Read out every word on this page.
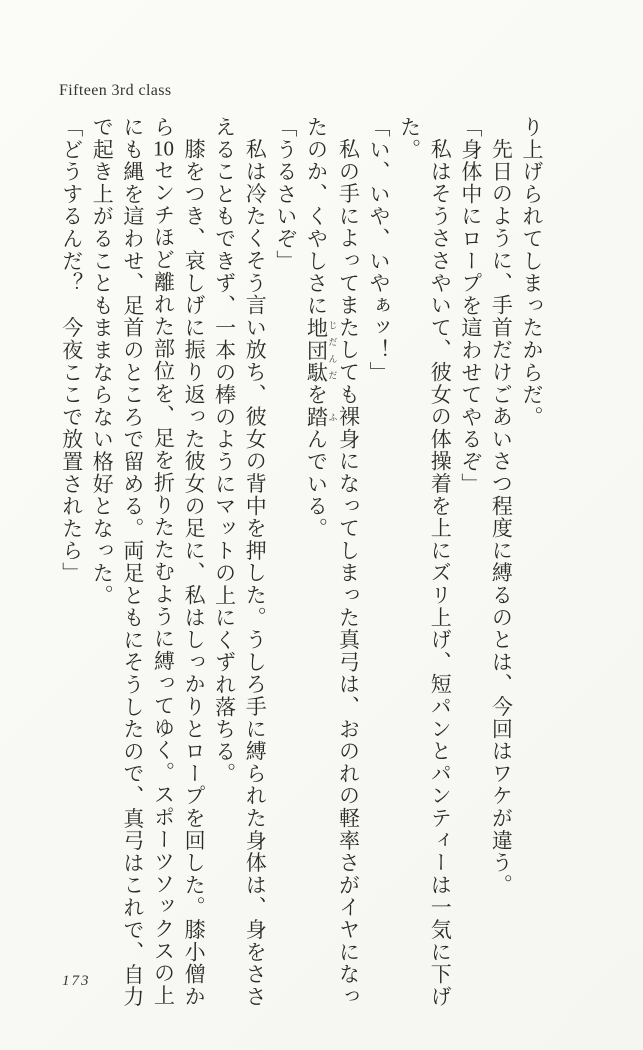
Fifteen 3rd class

り上げられてしまったからだ。

先日のように、手首だけごあいさつ程度に縛るのとは、今回はワケが違う。

「身体中にロープを這わせてやるぞ」

私はそうささやいて、彼女の体操着を上にズリ上げ、短パンとパンティーは一気に下げた。

「い、いや、いやぁッ！」

私の手によってまたしても裸身になってしまった真弓は、おのれの軽率さがイヤになったのか、くやしさに地団駄 じだんだを踏 ふんでいる。

「うるさいぞ」

私は冷たくそう言い放ち、彼女の背中を押した。うしろ手に縛られた身体は、身をささえることもできず、一本の棒のようにマットの上にくずれ落ちる。

膝をつき、哀しげに振り返った彼女の足に、私はしっかりとロープを回した。膝小僧から10センチほど離れた部位を、足を折りたたむように縛ってゆく。スポーツソックスの上にも縄を這わせ、足首のところで留める。両足ともにそうしたので、真弓はこれで、自力で起き上がることもままならない格好となった。

「どうするんだ？　今夜ここで放置されたら」

173
